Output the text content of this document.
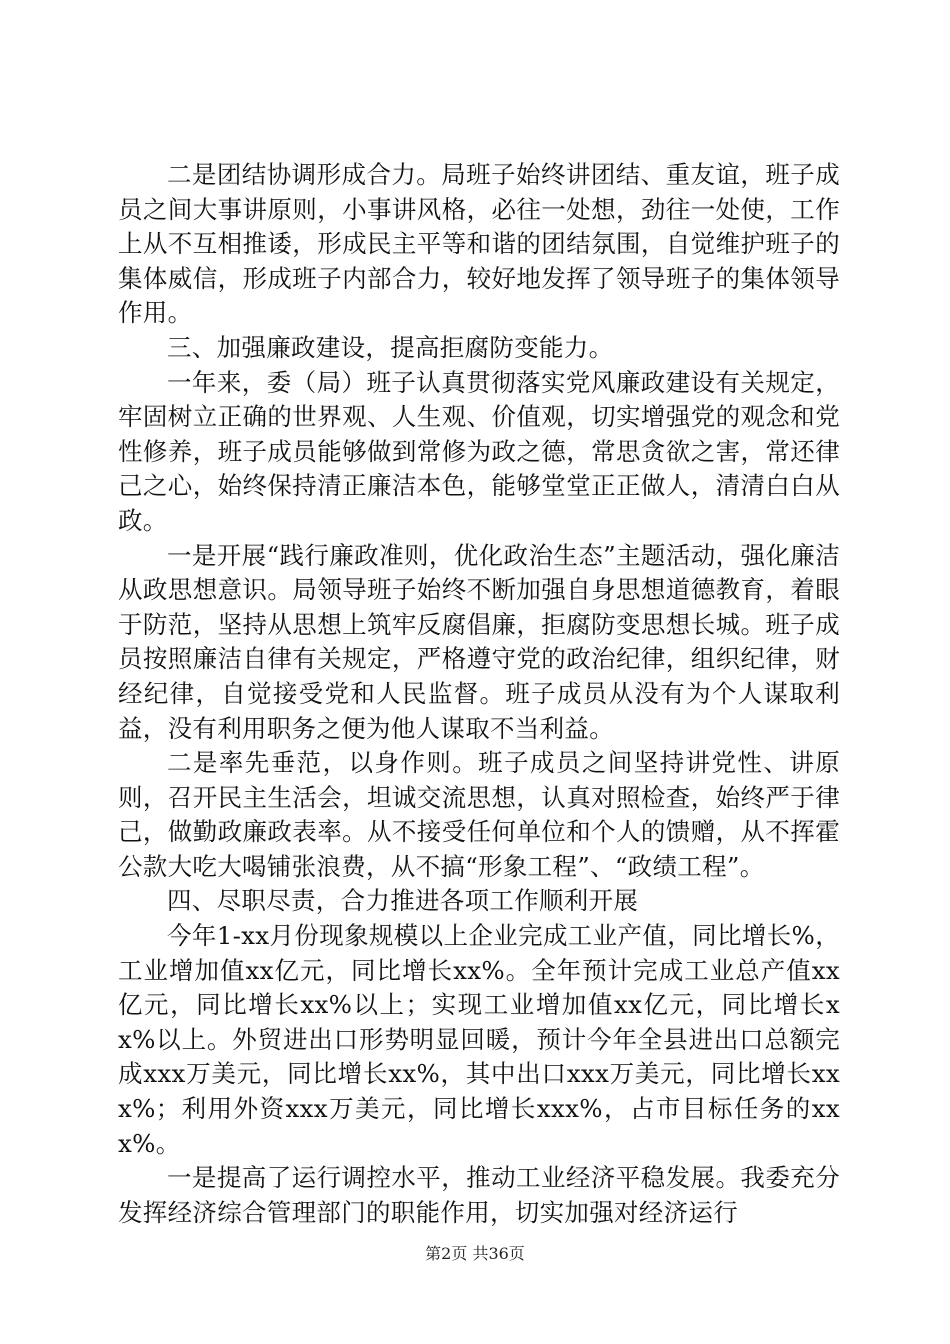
二是团结协调形成合力。局班子始终讲团结、重友谊，班子成员之间大事讲原则，小事讲风格，必往一处想，劲往一处使，工作上从不互相推诿，形成民主平等和谐的团结氛围，自觉维护班子的集体威信，形成班子内部合力，较好地发挥了领导班子的集体领导作用。

三、加强廉政建设，提高拒腐防变能力。

一年来，委（局）班子认真贯彻落实党风廉政建设有关规定，牢固树立正确的世界观、人生观、价值观，切实增强党的观念和党性修养，班子成员能够做到常修为政之德，常思贪欲之害，常还律己之心，始终保持清正廉洁本色，能够堂堂正正做人，清清白白从政。

一是开展“践行廉政准则，优化政治生态”主题活动，强化廉洁从政思想意识。局领导班子始终不断加强自身思想道德教育，着眼于防范，坚持从思想上筑牢反腐倡廉，拒腐防变思想长城。班子成员按照廉洁自律有关规定，严格遵守党的政治纪律，组织纪律，财经纪律，自觉接受党和人民监督。班子成员从没有为个人谋取利益，没有利用职务之便为他人谋取不当利益。

二是率先垂范，以身作则。班子成员之间坚持讲党性、讲原则，召开民主生活会，坦诚交流思想，认真对照检查，始终严于律己，做勤政廉政表率。从不接受任何单位和个人的馈赠，从不挥霍公款大吃大喝铺张浪费，从不搞“形象工程”、“政绩工程”。

四、尽职尽责，合力推进各项工作顺利开展

今年1-xx月份现象规模以上企业完成工业产值，同比增长%，工业增加值xx亿元，同比增长xx%。全年预计完成工业总产值xx亿元，同比增长xx%以上；实现工业增加值xx亿元，同比增长xx%以上。外贸进出口形势明显回暖，预计今年全县进出口总额完成xxx万美元，同比增长xx%，其中出口xxx万美元，同比增长xxx%；利用外资xxx万美元，同比增长xxx%，占市目标任务的xxx%。

一是提高了运行调控水平，推动工业经济平稳发展。我委充分发挥经济综合管理部门的职能作用，切实加强对经济运行

第2页 共36页
